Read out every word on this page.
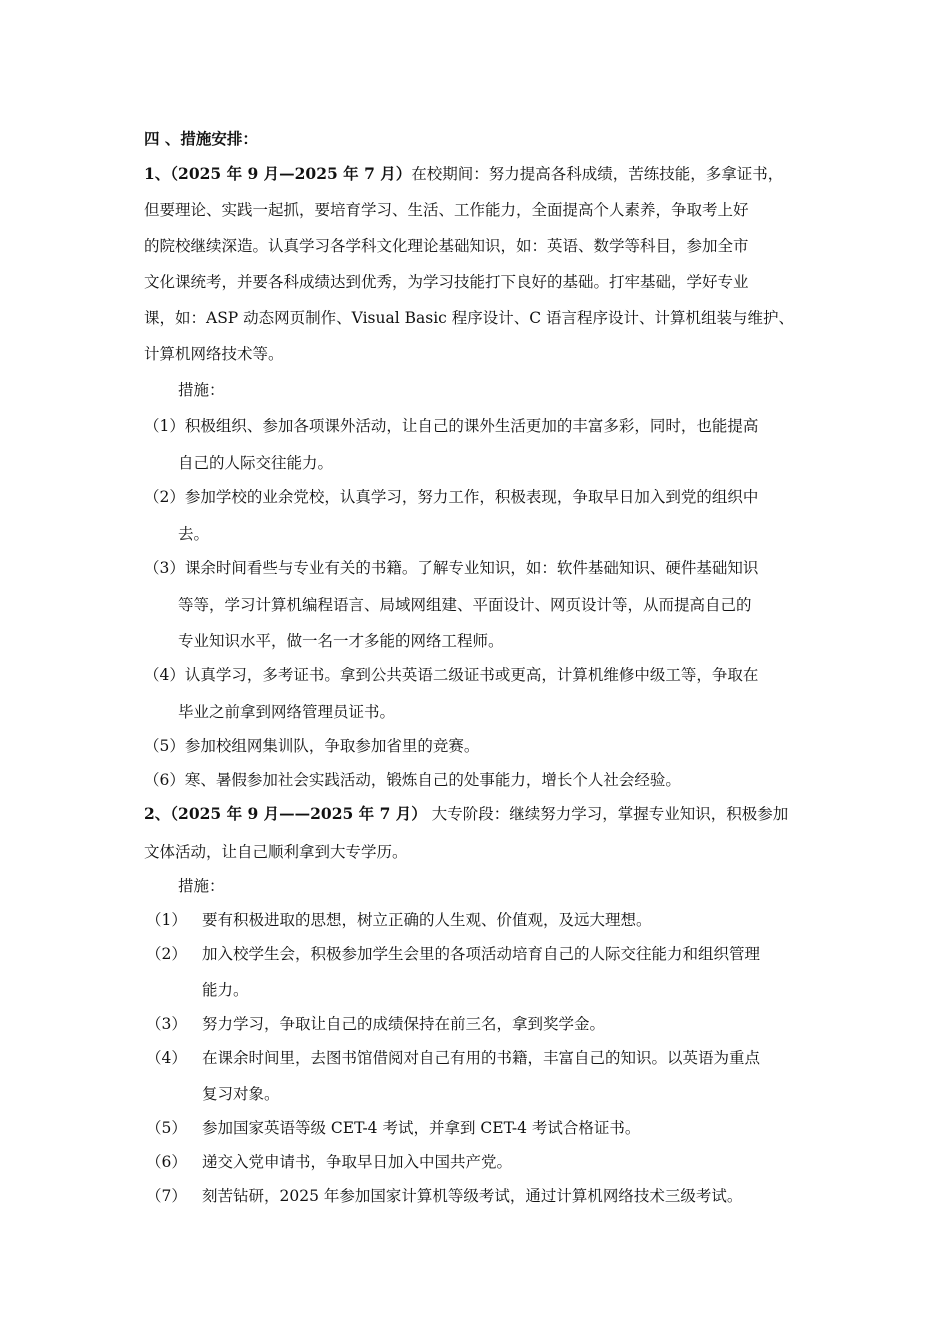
四 、措施安排：
1、（2025 年 9 月—2025 年 7 月）在校期间：努力提高各科成绩，苦练技能，多拿证书，
但要理论、实践一起抓，要培育学习、生活、工作能力，全面提高个人素养，争取考上好
的院校继续深造。认真学习各学科文化理论基础知识，如：英语、数学等科目，参加全市
文化课统考，并要各科成绩达到优秀，为学习技能打下良好的基础。打牢基础，学好专业
课，如：ASP 动态网页制作、Visual Basic 程序设计、C 语言程序设计、计算机组装与维护、
计算机网络技术等。
措施：
（1）积极组织、参加各项课外活动，让自己的课外生活更加的丰富多彩，同时，也能提高
自己的人际交往能力。
（2）参加学校的业余党校，认真学习，努力工作，积极表现，争取早日加入到党的组织中
去。
（3）课余时间看些与专业有关的书籍。了解专业知识，如：软件基础知识、硬件基础知识
等等，学习计算机编程语言、局域网组建、平面设计、网页设计等，从而提高自己的
专业知识水平，做一名一才多能的网络工程师。
（4）认真学习，多考证书。拿到公共英语二级证书或更高，计算机维修中级工等，争取在
毕业之前拿到网络管理员证书。
（5）参加校组网集训队，争取参加省里的竞赛。
（6）寒、暑假参加社会实践活动，锻炼自己的处事能力，增长个人社会经验。
2、（2025 年 9 月——2025 年 7 月） 大专阶段：继续努力学习，掌握专业知识，积极参加
文体活动，让自己顺利拿到大专学历。
措施：
（1） 要有积极进取的思想，树立正确的人生观、价值观，及远大理想。
（2） 加入校学生会，积极参加学生会里的各项活动培育自己的人际交往能力和组织管理
能力。
（3） 努力学习，争取让自己的成绩保持在前三名，拿到奖学金。
（4） 在课余时间里，去图书馆借阅对自己有用的书籍，丰富自己的知识。以英语为重点
复习对象。
（5） 参加国家英语等级 CET-4 考试，并拿到 CET-4 考试合格证书。
（6） 递交入党申请书，争取早日加入中国共产党。
（7） 刻苦钻研，2025 年参加国家计算机等级考试，通过计算机网络技术三级考试。
